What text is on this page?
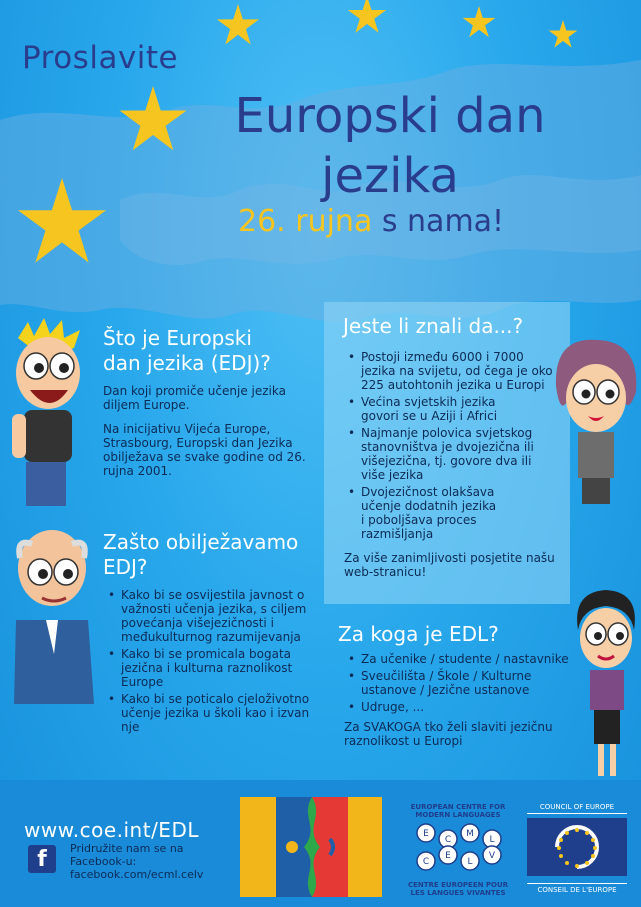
Proslavite
Europski dan
jezika
26. rujna s nama!
Što je Europski
dan jezika (EDJ)?

Dan koji promiče učenje jezika diljem Europe.

Na inicijativu Vijeća Europe, Strasbourg, Europski dan Jezika obilježava se svake godine od 26. rujna 2001.

Zašto obilježavamo
EDJ?
• Kako bi se osvijestila javnost o važnosti učenja jezika, s ciljem povećanja višejezičnosti i međukulturnog razumijevanja
• Kako bi se promicala bogata jezična i kulturna raznolikost Europe
• Kako bi se poticalo cjeloživotno učenje jezika u školi kao i izvan nje
Jeste li znali da...?
• Postoji između 6000 i 7000 jezika na svijetu, od čega je oko 225 autohtonih jezika u Europi
• Većina svjetskih jezika govori se u Aziji i Africi
• Najmanje polovica svjetskog stanovništva je dvojezična ili višejezična, tj. govore dva ili više jezika
• Dvojezičnost olakšava učenje dodatnih jezika i poboljšava proces razmišljanja

Za više zanimljivosti posjetite našu web-stranicu!

Za koga je EDL?
• Za učenike / studente / nastavnike
• Sveučilišta / Škole / Kulturne ustanove / Jezične ustanove
• Udruge, ...

Za SVAKOGA tko želi slaviti jezičnu raznolikost u Europi

www.coe.int/EDL
f	Pridružite nam se na Facebook-u: facebook.com/ecml.celv
EUROPEAN CENTRE FOR MODERN LANGUAGES
E
C
M
L
C
E
L
V
CENTRE EUROPEEN POUR LES LANGUES VIVANTES
COUNCIL OF EUROPE
CONSEIL DE L'EUROPE
